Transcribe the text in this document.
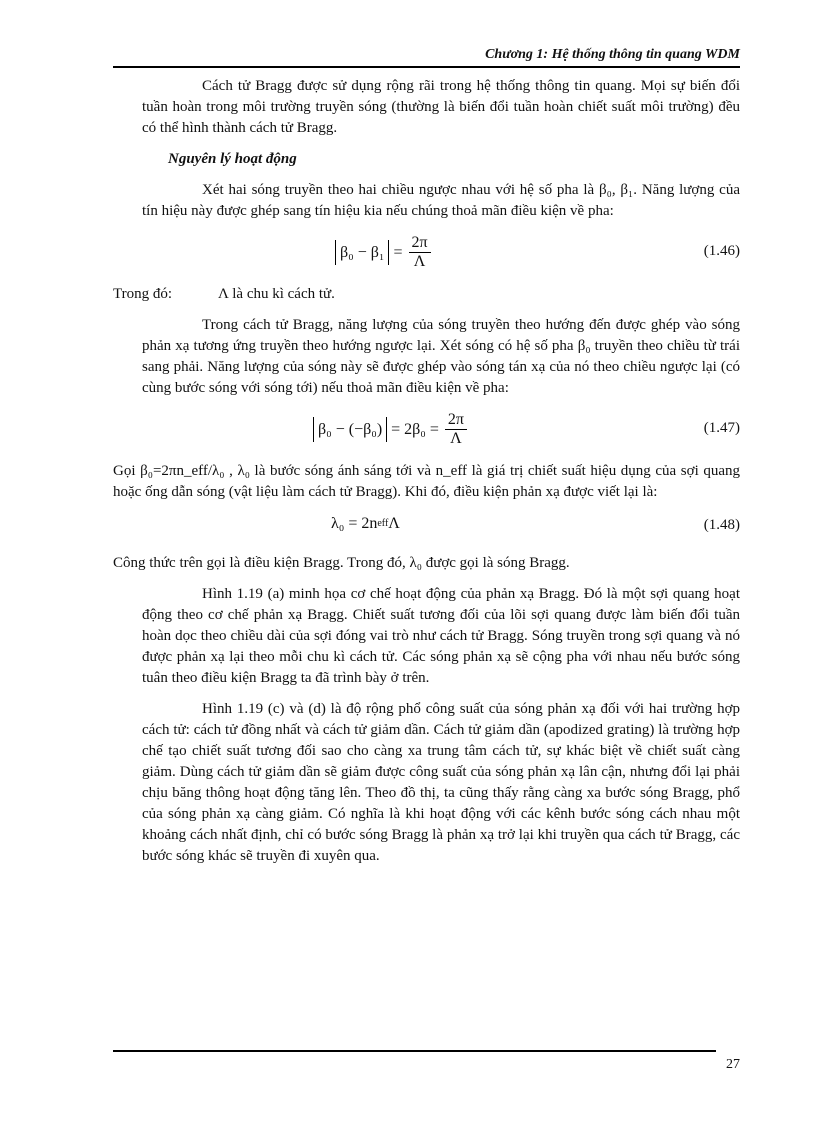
Chương 1: Hệ thống thông tin quang WDM

Cách tử Bragg được sử dụng rộng rãi trong hệ thống thông tin quang. Mọi sự biến đổi tuần hoàn trong môi trường truyền sóng (thường là biến đổi tuần hoàn chiết suất môi trường) đều có thể hình thành cách tử Bragg.

Nguyên lý hoạt động

Xét hai sóng truyền theo hai chiều ngược nhau với hệ số pha là β₀, β₁. Năng lượng của tín hiệu này được ghép sang tín hiệu kia nếu chúng thoả mãn điều kiện về pha:

$\beta_0 - \beta_1 = \frac{2\pi}{\Lambda}$	(1.46)
Trong đó:	Λ là chu kì cách tử.

Trong cách tử Bragg, năng lượng của sóng truyền theo hướng đến được ghép vào sóng phản xạ tương ứng truyền theo hướng ngược lại. Xét sóng có hệ số pha β₀ truyền theo chiều từ trái sang phải. Năng lượng của sóng này sẽ được ghép vào sóng tán xạ của nó theo chiều ngược lại (có cùng bước sóng với sóng tới) nếu thoả mãn điều kiện về pha:

β₀ − (−β₀)
= $2\beta_0 = \frac{2\pi}{\Lambda}$	(1.47)

Gọi β₀=2πn_eff/λ₀ , λ₀ là bước sóng ánh sáng tới và n_eff là giá trị chiết suất hiệu dụng của sợi quang hoặc ống dẫn sóng (vật liệu làm cách tử Bragg). Khi đó, điều kiện phản xạ được viết lại là:

λ₀ = 2n eff Λ	(1.48)

Công thức trên gọi là điều kiện Bragg. Trong đó, λ₀ được gọi là sóng Bragg.

Hình 1.19 (a) minh họa cơ chế hoạt động của phản xạ Bragg. Đó là một sợi quang hoạt động theo cơ chế phản xạ Bragg. Chiết suất tương đối của lõi sợi quang được làm biến đổi tuần hoàn dọc theo chiều dài của sợi đóng vai trò như cách tử Bragg. Sóng truyền trong sợi quang và nó được phản xạ lại theo mỗi chu kì cách tử. Các sóng phản xạ sẽ cộng pha với nhau nếu bước sóng tuân theo điều kiện Bragg ta đã trình bày ở trên.

Hình 1.19 (c) và (d) là độ rộng phổ công suất của sóng phản xạ đối với hai trường hợp cách tử: cách tử đồng nhất và cách tử giảm dần. Cách tử giảm dần (apodized grating) là trường hợp chế tạo chiết suất tương đối sao cho càng xa trung tâm cách tử, sự khác biệt về chiết suất càng giảm. Dùng cách tử giảm dần sẽ giảm được công suất của sóng phản xạ lân cận, nhưng đổi lại phải chịu băng thông hoạt động tăng lên. Theo đồ thị, ta cũng thấy rằng càng xa bước sóng Bragg, phổ của sóng phản xạ càng giảm. Có nghĩa là khi hoạt động với các kênh bước sóng cách nhau một khoảng cách nhất định, chỉ có bước sóng Bragg là phản xạ trở lại khi truyền qua cách tử Bragg, các bước sóng khác sẽ truyền đi xuyên qua.

27
